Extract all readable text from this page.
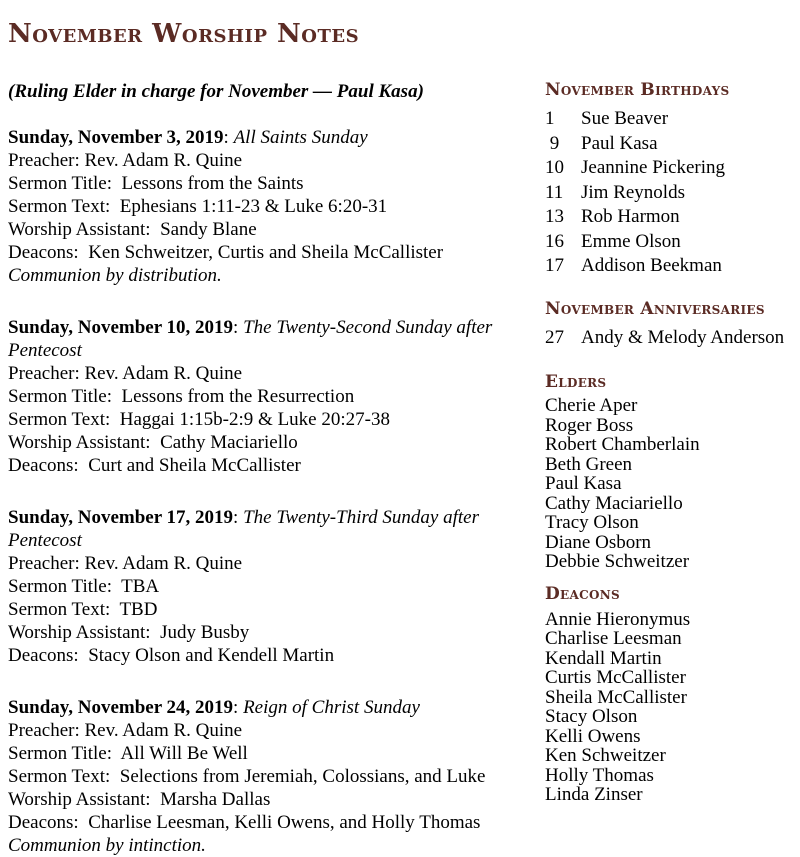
November Worship Notes

(Ruling Elder in charge for November — Paul Kasa)

Sunday, November 3, 2019: All Saints Sunday

Preacher: Rev. Adam R. Quine

Sermon Title:  Lessons from the Saints

Sermon Text:  Ephesians 1:11-23 & Luke 6:20-31

Worship Assistant:  Sandy Blane

Deacons:  Ken Schweitzer, Curtis and Sheila McCallister

Communion by distribution.

Sunday, November 10, 2019: The Twenty-Second Sunday after Pentecost

Preacher: Rev. Adam R. Quine

Sermon Title:  Lessons from the Resurrection

Sermon Text:  Haggai 1:15b-2:9 & Luke 20:27-38

Worship Assistant:  Cathy Maciariello

Deacons:  Curt and Sheila McCallister

Sunday, November 17, 2019: The Twenty-Third Sunday after Pentecost

Preacher: Rev. Adam R. Quine

Sermon Title:  TBA

Sermon Text:  TBD

Worship Assistant:  Judy Busby

Deacons:  Stacy Olson and Kendell Martin

Sunday, November 24, 2019: Reign of Christ Sunday

Preacher: Rev. Adam R. Quine

Sermon Title:  All Will Be Well

Sermon Text:  Selections from Jeremiah, Colossians, and Luke

Worship Assistant:  Marsha Dallas

Deacons:  Charlise Leesman, Kelli Owens, and Holly Thomas

Communion by intinction.

November Birthdays
1	Sue Beaver
9	Paul Kasa
10 Jeannine Pickering
11 Jim Reynolds
13 Rob Harmon
16 Emme Olson
17 Addison Beekman
November Anniversaries
27 Andy & Melody Anderson
Elders

Cherie Aper

Roger Boss

Robert Chamberlain

Beth Green

Paul Kasa

Cathy Maciariello

Tracy Olson

Diane Osborn

Debbie Schweitzer

Deacons

Annie Hieronymus

Charlise Leesman

Kendall Martin

Curtis McCallister

Sheila McCallister

Stacy Olson

Kelli Owens

Ken Schweitzer

Holly Thomas

Linda Zinser
